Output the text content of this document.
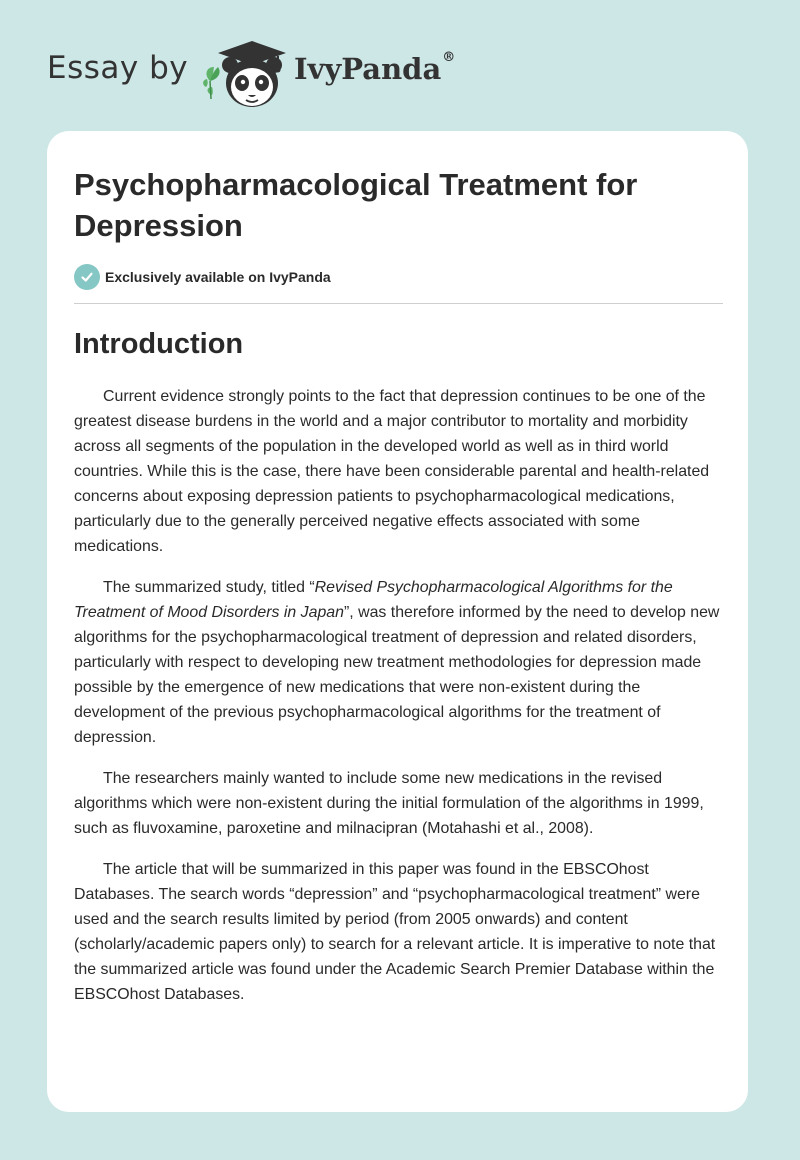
Essay by	IvyPanda®
Psychopharmacological Treatment for Depression
Exclusively available on IvyPanda
Introduction

Current evidence strongly points to the fact that depression continues to be one of the greatest disease burdens in the world and a major contributor to mortality and morbidity across all segments of the population in the developed world as well as in third world countries. While this is the case, there have been considerable parental and health-related concerns about exposing depression patients to psychopharmacological medications, particularly due to the generally perceived negative effects associated with some medications.

The summarized study, titled “Revised Psychopharmacological Algorithms for the Treatment of Mood Disorders in Japan”, was therefore informed by the need to develop new algorithms for the psychopharmacological treatment of depression and related disorders, particularly with respect to developing new treatment methodologies for depression made possible by the emergence of new medications that were non-existent during the development of the previous psychopharmacological algorithms for the treatment of depression.

The researchers mainly wanted to include some new medications in the revised algorithms which were non-existent during the initial formulation of the algorithms in 1999, such as fluvoxamine, paroxetine and milnacipran (Motahashi et al., 2008).

The article that will be summarized in this paper was found in the EBSCOhost Databases. The search words “depression” and “psychopharmacological treatment” were used and the search results limited by period (from 2005 onwards) and content (scholarly/academic papers only) to search for a relevant article. It is imperative to note that the summarized article was found under the Academic Search Premier Database within the EBSCOhost Databases.
